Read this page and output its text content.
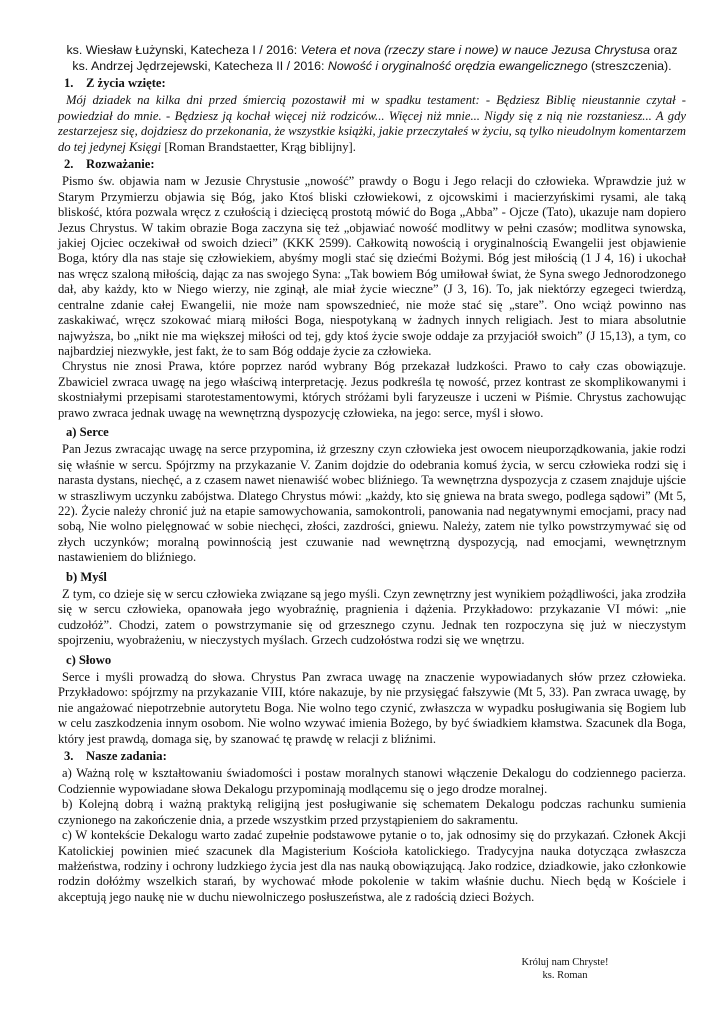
ks. Wiesław Łużynski, Katecheza I / 2016: Vetera et nova (rzeczy stare i nowe) w nauce Jezusa Chrystusa oraz
ks. Andrzej Jędrzejewski, Katecheza II / 2016: Nowość i oryginalność orędzia ewangelicznego (streszczenia).
1. Z życia wzięte:

Mój dziadek na kilka dni przed śmiercią pozostawił mi w spadku testament: - Będziesz Biblię nieustannie czytał - powiedział do mnie. - Będziesz ją kochał więcej niż rodziców... Więcej niż mnie... Nigdy się z nią nie rozstaniesz... A gdy zestarzejesz się, dojdziesz do przekonania, że wszystkie książki, jakie przeczytałeś w życiu, są tylko nieudolnym komentarzem do tej jedynej Księgi [Roman Brandstaetter, Krąg biblijny].

2. Rozważanie:

Pismo św. objawia nam w Jezusie Chrystusie „nowość” prawdy o Bogu i Jego relacji do człowieka. Wprawdzie już w Starym Przymierzu objawia się Bóg, jako Ktoś bliski człowiekowi, z ojcowskimi i macierzyńskimi rysami, ale taką bliskość, która pozwala wręcz z czułością i dziecięcą prostotą mówić do Boga „Abba” - Ojcze (Tato), ukazuje nam dopiero Jezus Chrystus. W takim obrazie Boga zaczyna się też „objawiać nowość modlitwy w pełni czasów; modlitwa synowska, jakiej Ojciec oczekiwał od swoich dzieci” (KKK 2599). Całkowitą nowością i oryginalnością Ewangelii jest objawienie Boga, który dla nas staje się człowiekiem, abyśmy mogli stać się dziećmi Bożymi. Bóg jest miłością (1 J 4, 16) i ukochał nas wręcz szaloną miłością, dając za nas swojego Syna: „Tak bowiem Bóg umiłował świat, że Syna swego Jednorodzonego dał, aby każdy, kto w Niego wierzy, nie zginął, ale miał życie wieczne” (J 3, 16). To, jak niektórzy egzegeci twierdzą, centralne zdanie całej Ewangelii, nie może nam spowszednieć, nie może stać się „stare”. Ono wciąż powinno nas zaskakiwać, wręcz szokować miarą miłości Boga, niespotykaną w żadnych innych religiach. Jest to miara absolutnie najwyższa, bo „nikt nie ma większej miłości od tej, gdy ktoś życie swoje oddaje za przyjaciół swoich” (J 15,13), a tym, co najbardziej niezwykłe, jest fakt, że to sam Bóg oddaje życie za człowieka.

Chrystus nie znosi Prawa, które poprzez naród wybrany Bóg przekazał ludzkości. Prawo to cały czas obowiązuje. Zbawiciel zwraca uwagę na jego właściwą interpretację. Jezus podkreśla tę nowość, przez kontrast ze skomplikowanymi i skostniałymi przepisami starotestamentowymi, których stróżami byli faryzeusze i uczeni w Piśmie. Chrystus zachowując prawo zwraca jednak uwagę na wewnętrzną dyspozycję człowieka, na jego: serce, myśl i słowo.

a) Serce

Pan Jezus zwracając uwagę na serce przypomina, iż grzeszny czyn człowieka jest owocem nieuporządkowania, jakie rodzi się właśnie w sercu. Spójrzmy na przykazanie V. Zanim dojdzie do odebrania komuś życia, w sercu człowieka rodzi się i narasta dystans, niechęć, a z czasem nawet nienawiść wobec bliźniego. Ta wewnętrzna dyspozycja z czasem znajduje ujście w straszliwym uczynku zabójstwa. Dlatego Chrystus mówi: „każdy, kto się gniewa na brata swego, podlega sądowi” (Mt 5, 22). Życie należy chronić już na etapie samowychowania, samokontroli, panowania nad negatywnymi emocjami, pracy nad sobą, Nie wolno pielęgnować w sobie niechęci, złości, zazdrości, gniewu. Należy, zatem nie tylko powstrzymywać się od złych uczynków; moralną powinnością jest czuwanie nad wewnętrzną dyspozycją, nad emocjami, wewnętrznym nastawieniem do bliźniego.

b) Myśl

Z tym, co dzieje się w sercu człowieka związane są jego myśli. Czyn zewnętrzny jest wynikiem pożądliwości, jaka zrodziła się w sercu człowieka, opanowała jego wyobraźnię, pragnienia i dążenia. Przykładowo: przykazanie VI mówi: „nie cudzołóż”. Chodzi, zatem o powstrzymanie się od grzesznego czynu. Jednak ten rozpoczyna się już w nieczystym spojrzeniu, wyobrażeniu, w nieczystych myślach. Grzech cudzołóstwa rodzi się we wnętrzu.

c) Słowo

Serce i myśli prowadzą do słowa. Chrystus Pan zwraca uwagę na znaczenie wypowiadanych słów przez człowieka. Przykładowo: spójrzmy na przykazanie VIII, które nakazuje, by nie przysięgać fałszywie (Mt 5, 33). Pan zwraca uwagę, by nie angażować niepotrzebnie autorytetu Boga. Nie wolno tego czynić, zwłaszcza w wypadku posługiwania się Bogiem lub w celu zaszkodzenia innym osobom. Nie wolno wzywać imienia Bożego, by być świadkiem kłamstwa. Szacunek dla Boga, który jest prawdą, domaga się, by szanować tę prawdę w relacji z bliźnimi.

3. Nasze zadania:

a) Ważną rolę w kształtowaniu świadomości i postaw moralnych stanowi włączenie Dekalogu do codziennego pacierza. Codziennie wypowiadane słowa Dekalogu przypominają modlącemu się o jego drodze moralnej.

b) Kolejną dobrą i ważną praktyką religijną jest posługiwanie się schematem Dekalogu podczas rachunku sumienia czynionego na zakończenie dnia, a przede wszystkim przed przystąpieniem do sakramentu.

c) W kontekście Dekalogu warto zadać zupełnie podstawowe pytanie o to, jak odnosimy się do przykazań. Członek Akcji Katolickiej powinien mieć szacunek dla Magisterium Kościoła katolickiego. Tradycyjna nauka dotycząca zwłaszcza małżeństwa, rodziny i ochrony ludzkiego życia jest dla nas nauką obowiązującą. Jako rodzice, dziadkowie, jako członkowie rodzin dołóżmy wszelkich starań, by wychować młode pokolenie w takim właśnie duchu. Niech będą w Kościele i akceptują jego naukę nie w duchu niewolniczego posłuszeństwa, ale z radością dzieci Bożych.

Króluj nam Chryste!
ks. Roman
